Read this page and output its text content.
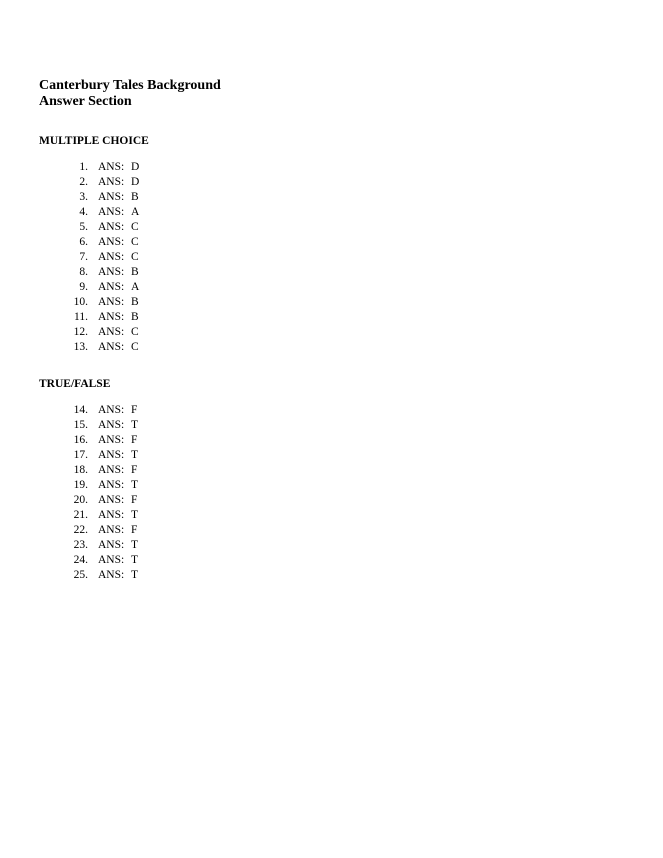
Canterbury Tales Background
Answer Section
MULTIPLE CHOICE
1. ANS: D
2. ANS: D
3. ANS: B
4. ANS: A
5. ANS: C
6. ANS: C
7. ANS: C
8. ANS: B
9. ANS: A
10. ANS: B
11. ANS: B
12. ANS: C
13. ANS: C
TRUE/FALSE
14. ANS: F
15. ANS: T
16. ANS: F
17. ANS: T
18. ANS: F
19. ANS: T
20. ANS: F
21. ANS: T
22. ANS: F
23. ANS: T
24. ANS: T
25. ANS: T
